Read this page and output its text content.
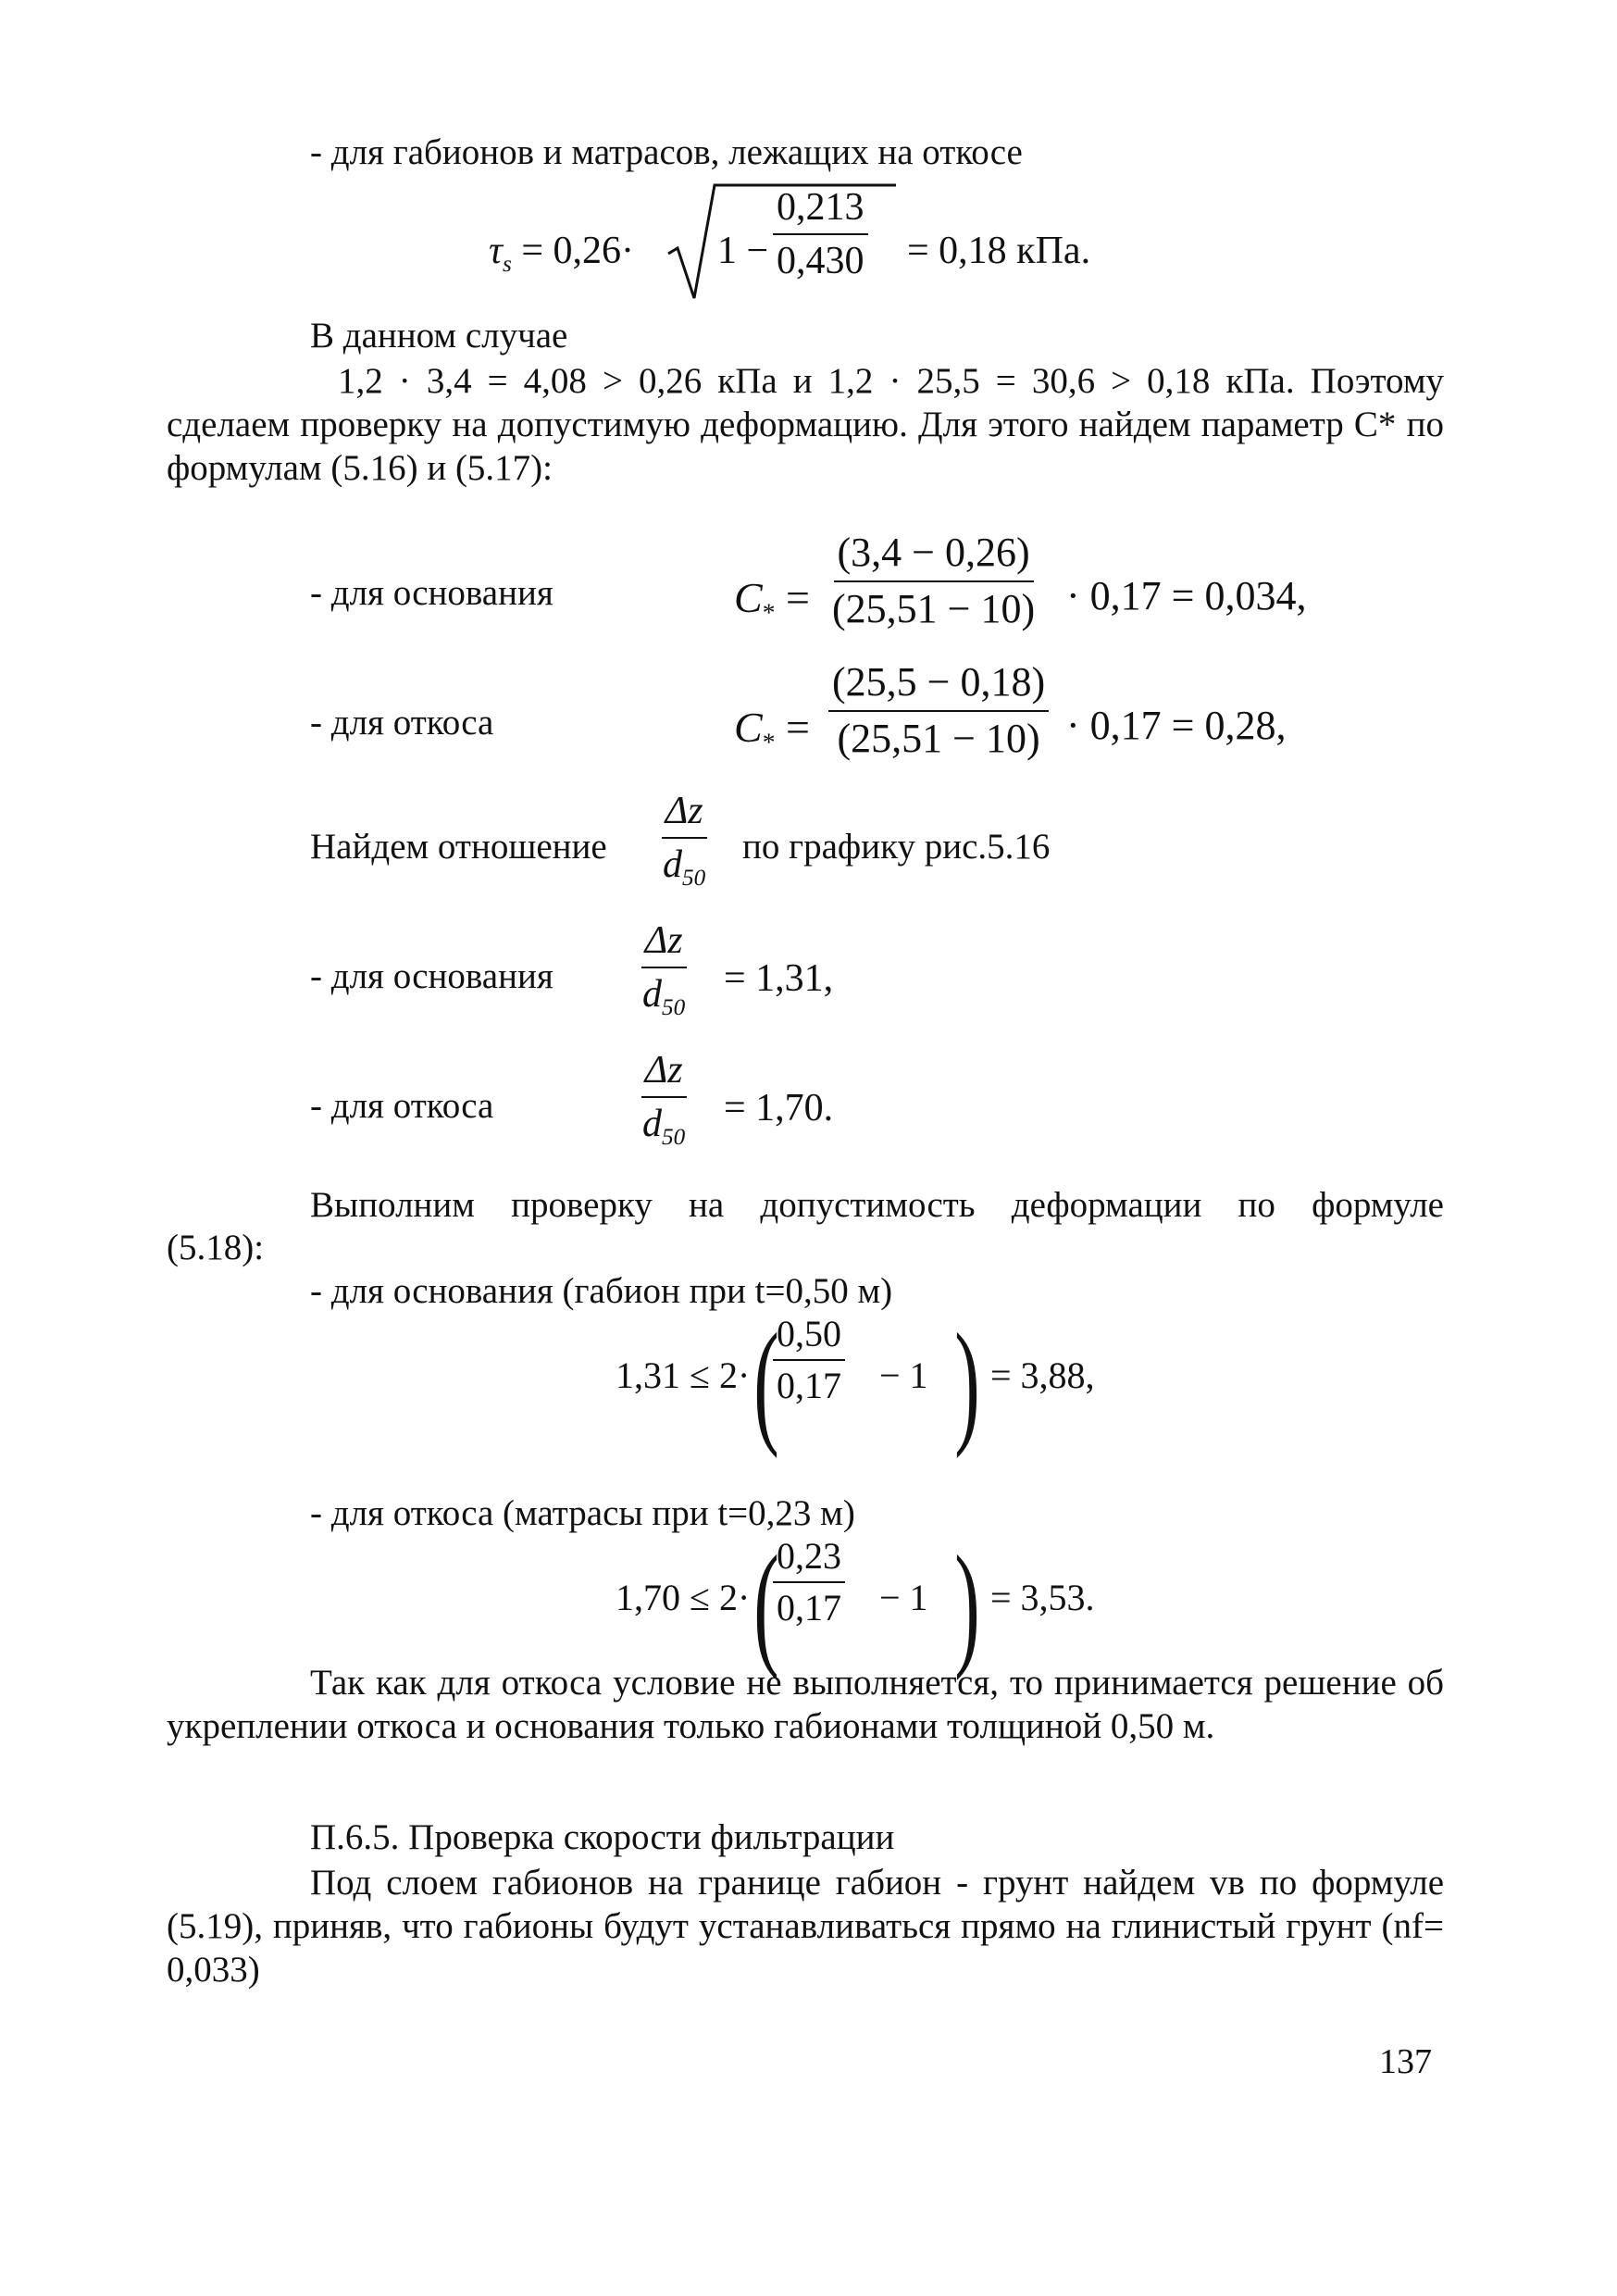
- для габионов и матрасов, лежащих на откосе
$\tau_s = 0,26\cdot 1 - \frac{0,213}{0,430} = 0,18$ кПа.
В данном случае
1,2 · 3,4 = 4,08 > 0,26 кПа и 1,2 · 25,5 = 30,6 > 0,18 кПа. Поэтому сделаем проверку на допустимую деформацию. Для этого найдем параметр C* по формулам (5.16) и (5.17):
- для основания	$C_* = \frac{(3,4 - 0,26)}{(25,51 - 10)} \cdot 0,17 = 0,034$,
- для откоса	$C_* = \frac{(25,5 - 0,18)}{(25,51 - 10)} \cdot 0,17 = 0,28$,
Найдем отношение $\frac{\Delta z}{d_{50}}$ по графику рис.5.16
- для основания $\frac{\Delta z}{d_{50}} = 1,31$,
- для откоса	$\frac{\Delta z}{d_{50}} = 1,70$.
Выполним проверку на допустимость деформации по формуле
(5.18):
- для основания (габион при t=0,50 м)
1,31 ≤ 2· (
$\frac{0,50}{0,17} - 1$ ) = 3,88,
- для откоса (матрасы при t=0,23 м)
1,70 ≤ 2· (
$\frac{0,23}{0,17} - 1$ ) = 3,53.
Так как для откоса условие не выполняется, то принимается решение об укреплении откоса и основания только габионами толщиной 0,50 м.
П.6.5. Проверка скорости фильтрации
Под слоем габионов на границе габион - грунт найдем vв по формуле (5.19), приняв, что габионы будут устанавливаться прямо на глинистый грунт (nf= 0,033)
137
